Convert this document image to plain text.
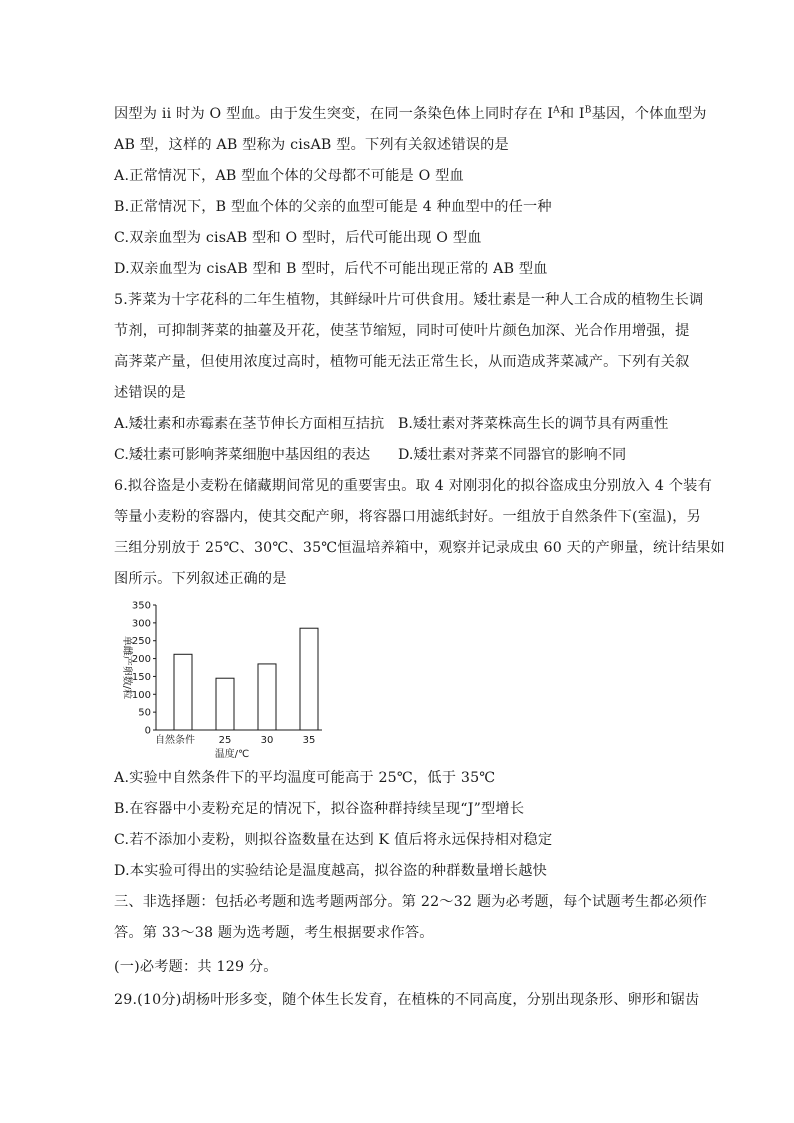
因型为 ii 时为 O 型血。由于发生突变，在同一条染色体上同时存在 $I^A$和 $I^B$基因，个体血型为
AB 型，这样的 AB 型称为 cisAB 型。下列有关叙述错误的是
A.正常情况下，AB 型血个体的父母都不可能是 O 型血
B.正常情况下，B 型血个体的父亲的血型可能是 4 种血型中的任一种
C.双亲血型为 cisAB 型和 O 型时，后代可能出现 O 型血
D.双亲血型为 cisAB 型和 B 型时，后代不可能出现正常的 AB 型血
5.荠菜为十字花科的二年生植物，其鲜绿叶片可供食用。矮壮素是一种人工合成的植物生长调
节剂，可抑制荠菜的抽薹及开花，使茎节缩短，同时可使叶片颜色加深、光合作用增强，提
高荠菜产量，但使用浓度过高时，植物可能无法正常生长，从而造成荠菜减产。下列有关叙
述错误的是
A.矮壮素和赤霉素在茎节伸长方面相互拮抗 B.矮壮素对荠菜株高生长的调节具有两重性
C.矮壮素可影响荠菜细胞中基因组的表达 D.矮壮素对荠菜不同器官的影响不同
6.拟谷盗是小麦粉在储藏期间常见的重要害虫。取 4 对刚羽化的拟谷盗成虫分别放入 4 个装有
等量小麦粉的容器内，使其交配产卵，将容器口用滤纸封好。一组放于自然条件下(室温)，另
三组分别放于 25℃、30℃、35℃恒温培养箱中，观察并记录成虫 60 天的产卵量，统计结果如
图所示。下列叙述正确的是
0
50
100
150
200
250
300
350
单雌产卵数/粒
自然条件 25	30	35
温度/℃
A.实验中自然条件下的平均温度可能高于 25℃，低于 35℃
B.在容器中小麦粉充足的情况下，拟谷盗种群持续呈现“J”型增长
C.若不添加小麦粉，则拟谷盗数量在达到 K 值后将永远保持相对稳定
D.本实验可得出的实验结论是温度越高，拟谷盗的种群数量增长越快
三、非选择题：包括必考题和选考题两部分。第 22～32 题为必考题，每个试题考生都必须作
答。第 33～38 题为选考题，考生根据要求作答。
(一)必考题：共 129 分。
29.(10分)胡杨叶形多变，随个体生长发育，在植株的不同高度，分别出现条形、卵形和锯齿
